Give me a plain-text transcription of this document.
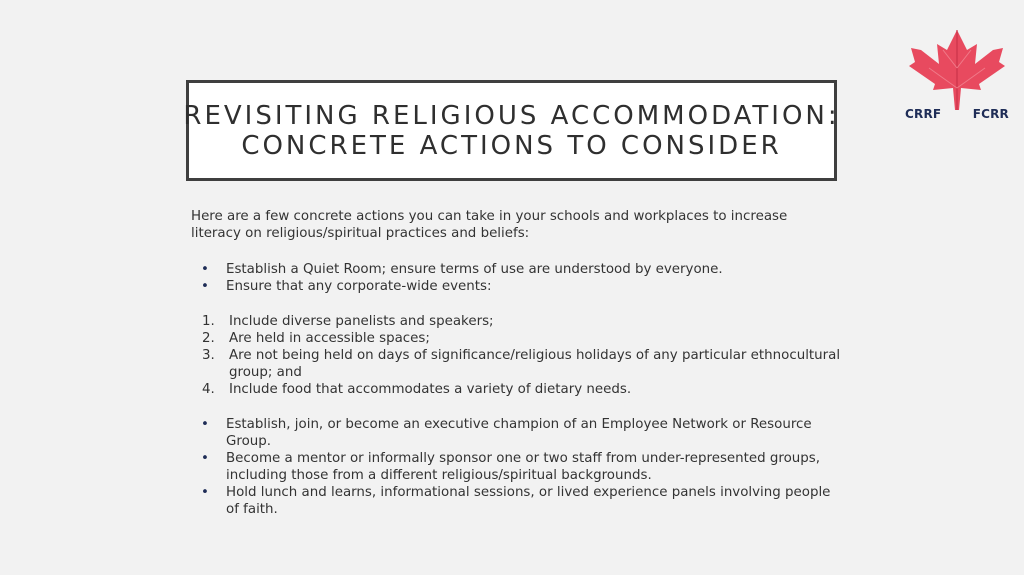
CRRF	FCRR
REVISITING RELIGIOUS ACCOMMODATION:
CONCRETE ACTIONS TO CONSIDER

Here are a few concrete actions you can take in your schools and workplaces to increase literacy on religious/spiritual practices and beliefs:

• Establish a Quiet Room; ensure terms of use are understood by everyone.
• Ensure that any corporate-wide events:
1. Include diverse panelists and speakers;
2. Are held in accessible spaces;
3. Are not being held on days of significance/religious holidays of any particular ethnocultural group; and
4. Include food that accommodates a variety of dietary needs.
• Establish, join, or become an executive champion of an Employee Network or Resource Group.
• Become a mentor or informally sponsor one or two staff from under-represented groups, including those from a different religious/spiritual backgrounds.
• Hold lunch and learns, informational sessions, or lived experience panels involving people of faith.
